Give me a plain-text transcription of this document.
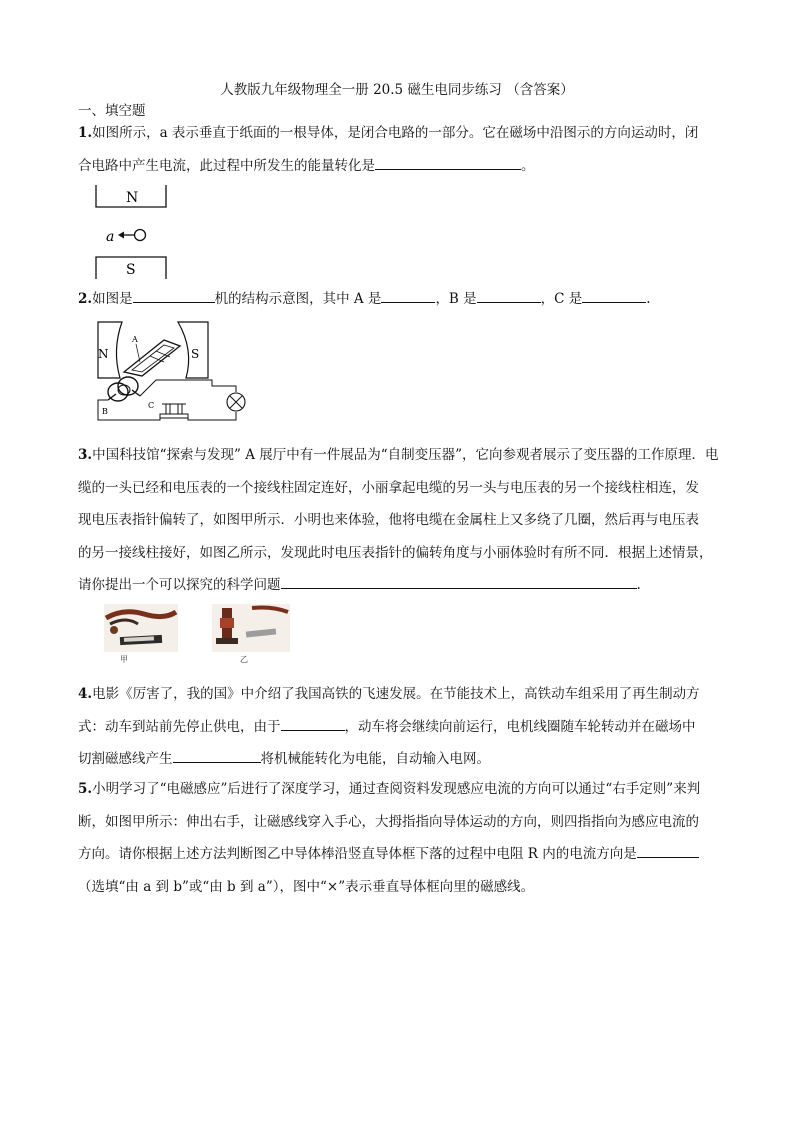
人教版九年级物理全一册 20.5 磁生电同步练习 （含答案）
一、填空题
1.如图所示，a 表示垂直于纸面的一根导体，是闭合电路的一部分。它在磁场中沿图示的方向运动时，闭
合电路中产生电流，此过程中所发生的能量转化是	。
N
a
S
2.如图是	机的结构示意图，其中 A 是	，B 是	，C 是	.
N	S
A
B
C
3.中国科技馆“探索与发现” A 展厅中有一件展品为“自制变压器”，它向参观者展示了变压器的工作原理．电
缆的一头已经和电压表的一个接线柱固定连好，小丽拿起电缆的另一头与电压表的另一个接线柱相连，发
现电压表指针偏转了，如图甲所示．小明也来体验，他将电缆在金属柱上又多绕了几圈，然后再与电压表
的另一接线柱接好，如图乙所示，发现此时电压表指针的偏转角度与小丽体验时有所不同．根据上述情景，
请你提出一个可以探究的科学问题	.
甲	乙
4.电影《厉害了，我的国》中介绍了我国高铁的飞速发展。在节能技术上，高铁动车组采用了再生制动方
式：动车到站前先停止供电，由于	，动车将会继续向前运行，电机线圈随车轮转动并在磁场中
切割磁感线产生	将机械能转化为电能，自动输入电网。
5.小明学习了“电磁感应”后进行了深度学习，通过查阅资料发现感应电流的方向可以通过“右手定则”来判
断，如图甲所示：伸出右手，让磁感线穿入手心，大拇指指向导体运动的方向，则四指指向为感应电流的
方向。请你根据上述方法判断图乙中导体棒沿竖直导体框下落的过程中电阻 R 内的电流方向是
（选填“由 a 到 b”或“由 b 到 a”），图中“×”表示垂直导体框向里的磁感线。
